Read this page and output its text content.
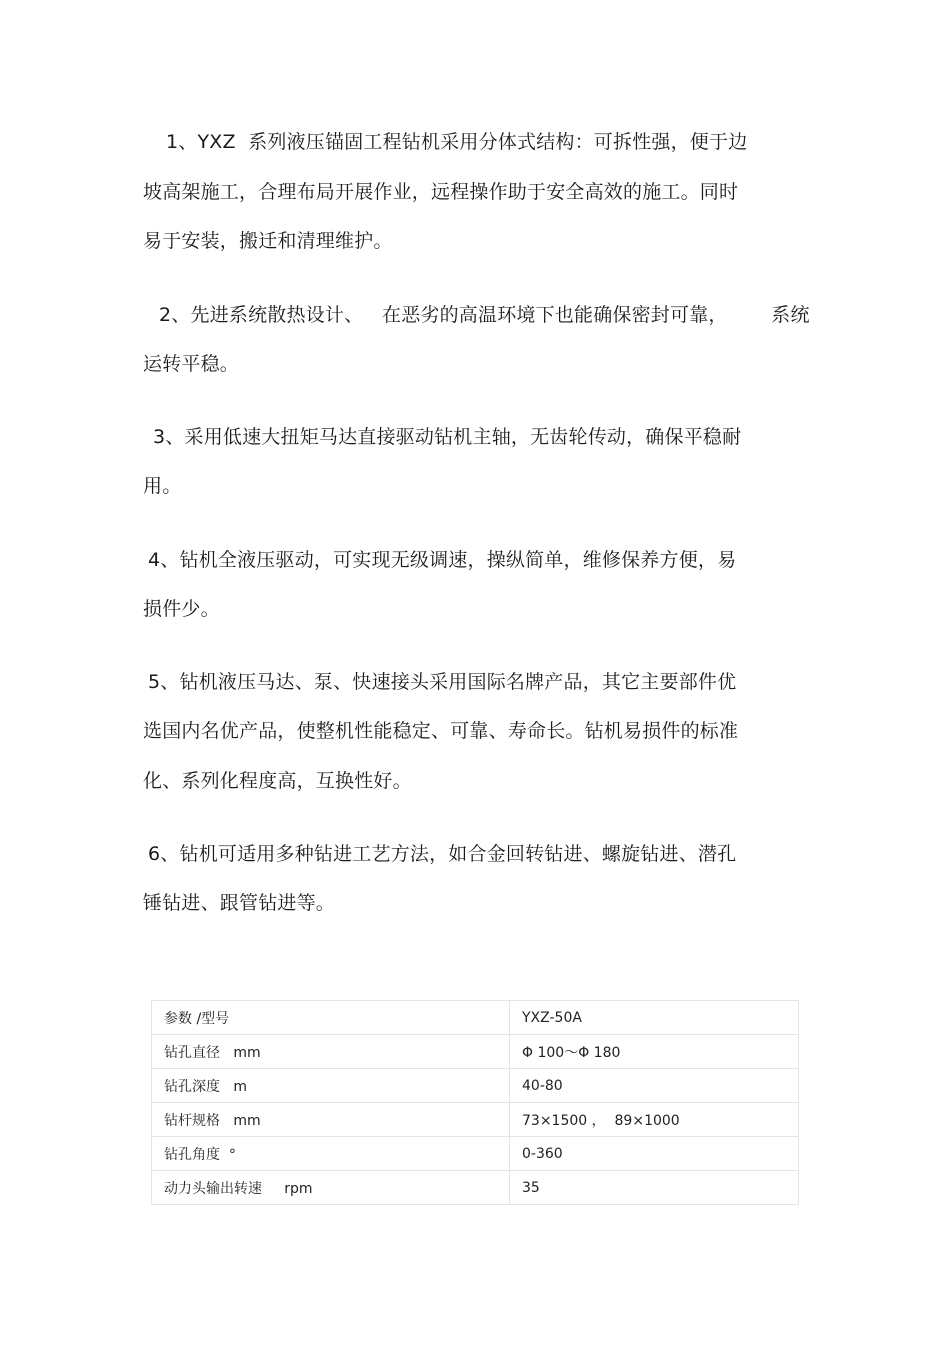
1、YXZ  系列液压锚固工程钻机采用分体式结构：可拆性强，便于边
坡高架施工，合理布局开展作业，远程操作助于安全高效的施工。同时
易于安装，搬迁和清理维护。
2、先进系统散热设计、   在恶劣的高温环境下也能确保密封可靠，       系统
运转平稳。
3、采用低速大扭矩马达直接驱动钻机主轴，无齿轮传动，确保平稳耐
用。
4、钻机全液压驱动，可实现无级调速，操纵简单，维修保养方便，易
损件少。
5、钻机液压马达、泵、快速接头采用国际名牌产品，其它主要部件优
选国内名优产品，使整机性能稳定、可靠、寿命长。钻机易损件的标准
化、系列化程度高，互换性好。
6、钻机可适用多种钻进工艺方法，如合金回转钻进、螺旋钻进、潜孔
锤钻进、跟管钻进等。
参数 /型号	YXZ-50A
钻孔直径   mm	Φ 100～Φ 180
钻孔深度   m	40-80
钻杆规格   mm	73×1500 ，  89×1000
钻孔角度  °	0-360
动力头输出转速     rpm	35
